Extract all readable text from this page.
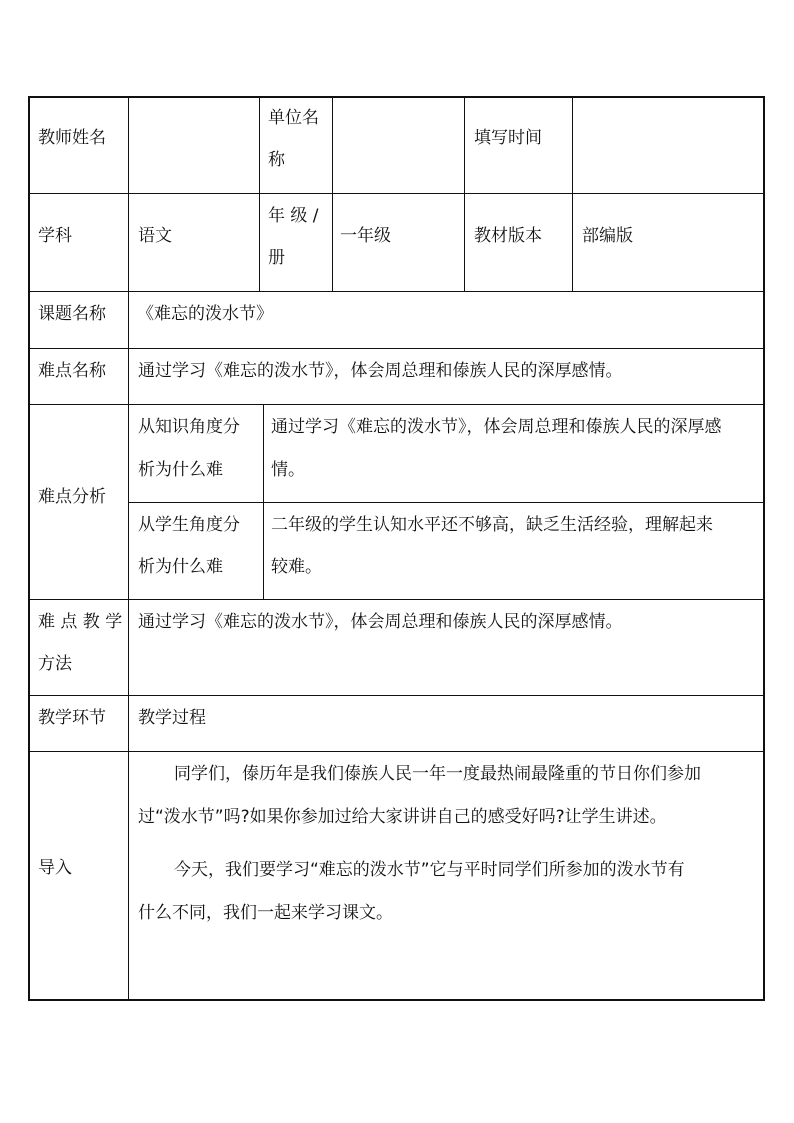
教师姓名
单位名
称
填写时间
学科	语文
年 级 /
册
一年级	教材版本 部编版
课题名称 《难忘的泼水节》
难点名称 通过学习《难忘的泼水节》，体会周总理和傣族人民的深厚感情。
难点分析
从知识角度分
析为什么难
通过学习《难忘的泼水节》，体会周总理和傣族人民的深厚感
情。
从学生角度分
析为什么难
二年级的学生认知水平还不够高，缺乏生活经验，理解起来
较难。
难 点 教 学
方法
通过学习《难忘的泼水节》，体会周总理和傣族人民的深厚感情。
教学环节 教学过程
导入
同学们，傣历年是我们傣族人民一年一度最热闹最隆重的节日你们参加
过“泼水节”吗?如果你参加过给大家讲讲自己的感受好吗?让学生讲述。
今天，我们要学习“难忘的泼水节”它与平时同学们所参加的泼水节有
什么不同，我们一起来学习课文。
